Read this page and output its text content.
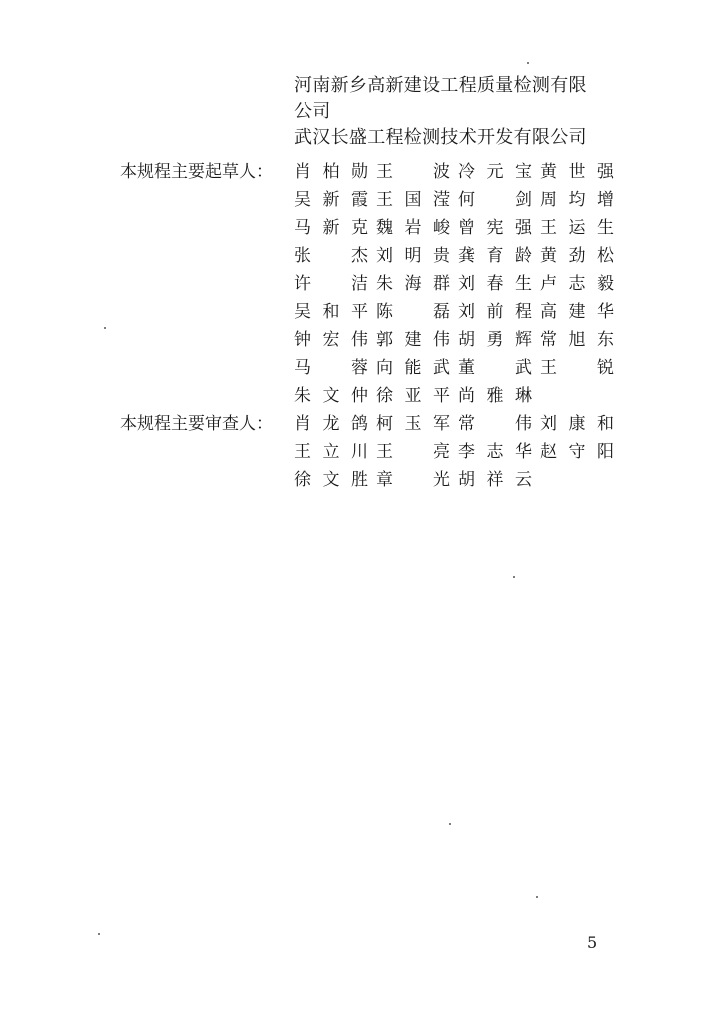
河南新乡高新建设工程质量检测有限
公司
武汉长盛工程检测技术开发有限公司
本规程主要起草人：	肖柏勋 王　波 冷元宝 黄世强
吴新霞 王国滢 何　剑 周均增
马新克 魏岩峻 曾宪强 王运生
张　杰 刘明贵 龚育龄 黄劲松
许　洁 朱海群 刘春生 卢志毅
吴和平 陈　磊 刘前程 高建华
钟宏伟 郭建伟 胡勇辉 常旭东
马　蓉 向能武 董　武 王　锐
朱文仲 徐亚平 尚雅琳
本规程主要审查人：	肖龙鸽 柯玉军 常　伟 刘康和
王立川 王　亮 李志华 赵守阳
徐文胜 章　光 胡祥云
5
